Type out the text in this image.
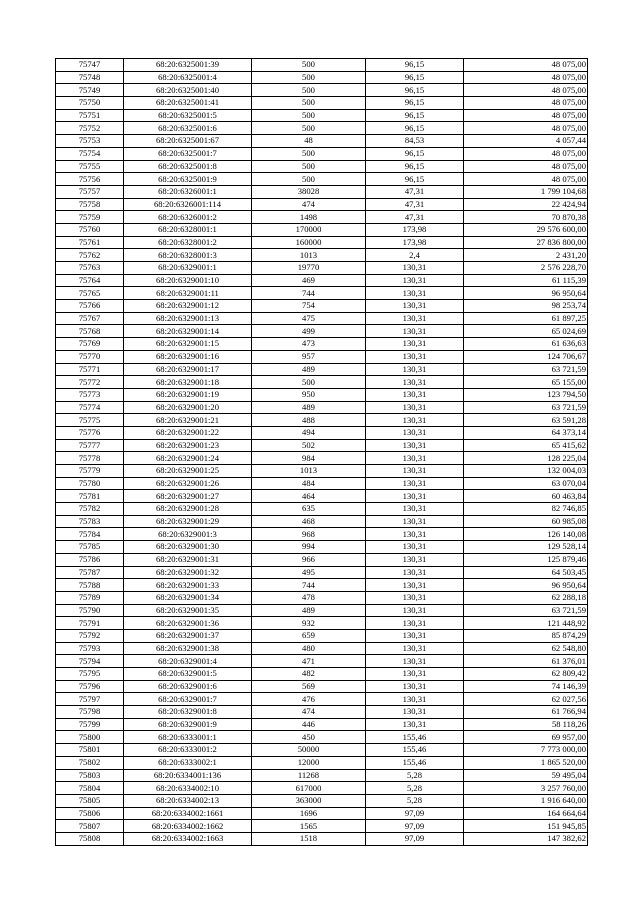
75747	68:20:6325001:39	500	96,15	48 075,00
75748	68:20:6325001:4	500	96,15	48 075,00
75749	68:20:6325001:40	500	96,15	48 075,00
75750	68:20:6325001:41	500	96,15	48 075,00
75751	68:20:6325001:5	500	96,15	48 075,00
75752	68:20:6325001:6	500	96,15	48 075,00
75753	68:20:6325001:67	48	84,53	4 057,44
75754	68:20:6325001:7	500	96,15	48 075,00
75755	68:20:6325001:8	500	96,15	48 075,00
75756	68:20:6325001:9	500	96,15	48 075,00
75757	68:20:6326001:1	38028	47,31	1 799 104,68
75758	68:20:6326001:114	474	47,31	22 424,94
75759	68:20:6326001:2	1498	47,31	70 870,38
75760	68:20:6328001:1	170000	173,98	29 576 600,00
75761	68:20:6328001:2	160000	173,98	27 836 800,00
75762	68:20:6328001:3	1013	2,4	2 431,20
75763	68:20:6329001:1	19770	130,31	2 576 228,70
75764	68:20:6329001:10	469	130,31	61 115,39
75765	68:20:6329001:11	744	130,31	96 950,64
75766	68:20:6329001:12	754	130,31	98 253,74
75767	68:20:6329001:13	475	130,31	61 897,25
75768	68:20:6329001:14	499	130,31	65 024,69
75769	68:20:6329001:15	473	130,31	61 636,63
75770	68:20:6329001:16	957	130,31	124 706,67
75771	68:20:6329001:17	489	130,31	63 721,59
75772	68:20:6329001:18	500	130,31	65 155,00
75773	68:20:6329001:19	950	130,31	123 794,50
75774	68:20:6329001:20	489	130,31	63 721,59
75775	68:20:6329001:21	488	130,31	63 591,28
75776	68:20:6329001:22	494	130,31	64 373,14
75777	68:20:6329001:23	502	130,31	65 415,62
75778	68:20:6329001:24	984	130,31	128 225,04
75779	68:20:6329001:25	1013	130,31	132 004,03
75780	68:20:6329001:26	484	130,31	63 070,04
75781	68:20:6329001:27	464	130,31	60 463,84
75782	68:20:6329001:28	635	130,31	82 746,85
75783	68:20:6329001:29	468	130,31	60 985,08
75784	68:20:6329001:3	968	130,31	126 140,08
75785	68:20:6329001:30	994	130,31	129 528,14
75786	68:20:6329001:31	966	130,31	125 879,46
75787	68:20:6329001:32	495	130,31	64 503,45
75788	68:20:6329001:33	744	130,31	96 950,64
75789	68:20:6329001:34	478	130,31	62 288,18
75790	68:20:6329001:35	489	130,31	63 721,59
75791	68:20:6329001:36	932	130,31	121 448,92
75792	68:20:6329001:37	659	130,31	85 874,29
75793	68:20:6329001:38	480	130,31	62 548,80
75794	68:20:6329001:4	471	130,31	61 376,01
75795	68:20:6329001:5	482	130,31	62 809,42
75796	68:20:6329001:6	569	130,31	74 146,39
75797	68:20:6329001:7	476	130,31	62 027,56
75798	68:20:6329001:8	474	130,31	61 766,94
75799	68:20:6329001:9	446	130,31	58 118,26
75800	68:20:6333001:1	450	155,46	69 957,00
75801	68:20:6333001:2	50000	155,46	7 773 000,00
75802	68:20:6333002:1	12000	155,46	1 865 520,00
75803	68:20:6334001:136	11268	5,28	59 495,04
75804	68:20:6334002:10	617000	5,28	3 257 760,00
75805	68:20:6334002:13	363000	5,28	1 916 640,00
75806	68:20:6334002:1661	1696	97,09	164 664,64
75807	68:20:6334002:1662	1565	97,09	151 945,85
75808	68:20:6334002:1663	1518	97,09	147 382,62
